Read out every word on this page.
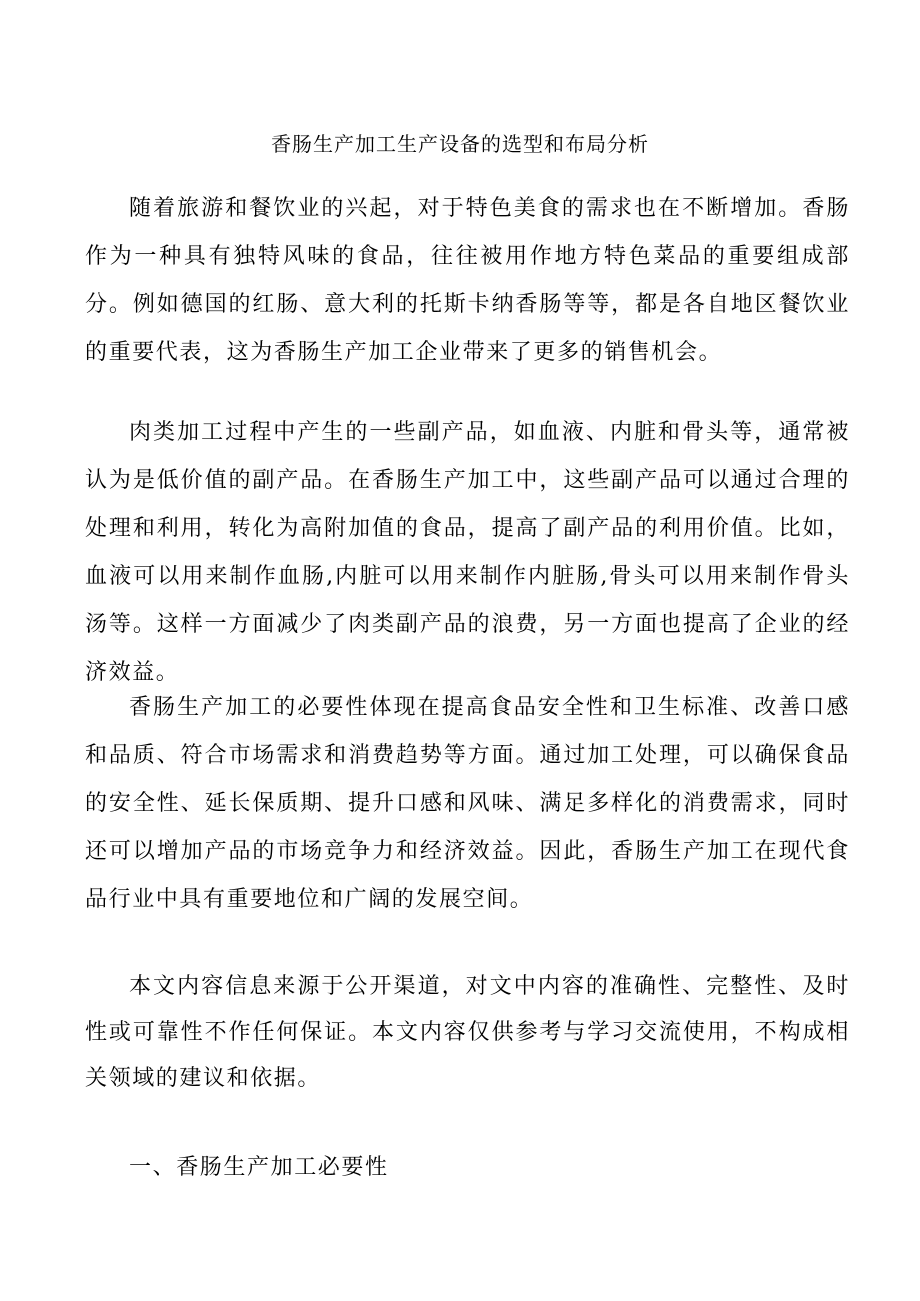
香肠生产加工生产设备的选型和布局分析

随着旅游和餐饮业的兴起，对于特色美食的需求也在不断增加。香肠作为一种具有独特风味的食品，往往被用作地方特色菜品的重要组成部分。例如德国的红肠、意大利的托斯卡纳香肠等等，都是各自地区餐饮业的重要代表，这为香肠生产加工企业带来了更多的销售机会。

肉类加工过程中产生的一些副产品，如血液、内脏和骨头等，通常被认为是低价值的副产品。在香肠生产加工中，这些副产品可以通过合理的处理和利用，转化为高附加值的食品，提高了副产品的利用价值。比如，血液可以用来制作血肠,内脏可以用来制作内脏肠,骨头可以用来制作骨头汤等。这样一方面减少了肉类副产品的浪费，另一方面也提高了企业的经济效益。

香肠生产加工的必要性体现在提高食品安全性和卫生标准、改善口感和品质、符合市场需求和消费趋势等方面。通过加工处理，可以确保食品的安全性、延长保质期、提升口感和风味、满足多样化的消费需求，同时还可以增加产品的市场竞争力和经济效益。因此，香肠生产加工在现代食品行业中具有重要地位和广阔的发展空间。

本文内容信息来源于公开渠道，对文中内容的准确性、完整性、及时性或可靠性不作任何保证。本文内容仅供参考与学习交流使用，不构成相关领域的建议和依据。

一、香肠生产加工必要性
